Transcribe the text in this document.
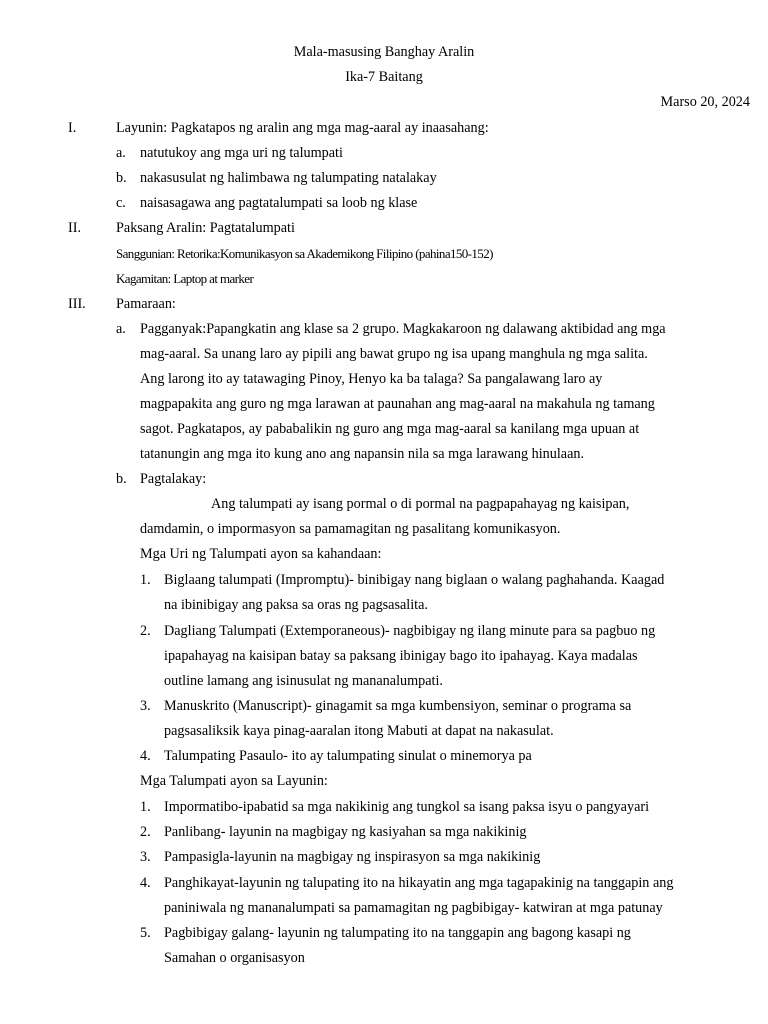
Mala-masusing Banghay Aralin
Ika-7 Baitang
Marso 20, 2024
I.	Layunin: Pagkatapos ng aralin ang mga mag-aaral ay inaasahang:
a. natutukoy ang mga uri ng talumpati
b. nakasusulat ng halimbawa ng talumpating natalakay
c. naisasagawa ang pagtatalumpati sa loob ng klase
II. Paksang Aralin: Pagtatalumpati
Sanggunian: Retorika:Komunikasyon sa Akademikong Filipino (pahina150-152)
Kagamitan: Laptop at marker
III. Pamaraan:
a. Pagganyak:Papangkatin ang klase sa 2 grupo. Magkakaroon ng dalawang aktibidad ang mga
mag-aaral. Sa unang laro ay pipili ang bawat grupo ng isa upang manghula ng mga salita.
Ang larong ito ay tatawaging Pinoy, Henyo ka ba talaga? Sa pangalawang laro ay
magpapakita ang guro ng mga larawan at paunahan ang mag-aaral na makahula ng tamang
sagot. Pagkatapos, ay pababalikin ng guro ang mga mag-aaral sa kanilang mga upuan at
tatanungin ang mga ito kung ano ang napansin nila sa mga larawang hinulaan.
b. Pagtalakay:
Ang talumpati ay isang pormal o di pormal na pagpapahayag ng kaisipan,
damdamin, o impormasyon sa pamamagitan ng pasalitang komunikasyon.
Mga Uri ng Talumpati ayon sa kahandaan:
1. Biglaang talumpati (Impromptu)- binibigay nang biglaan o walang paghahanda. Kaagad
na ibinibigay ang paksa sa oras ng pagsasalita.
2. Dagliang Talumpati (Extemporaneous)- nagbibigay ng ilang minute para sa pagbuo ng
ipapahayag na kaisipan batay sa paksang ibinigay bago ito ipahayag. Kaya madalas
outline lamang ang isinusulat ng mananalumpati.
3. Manuskrito (Manuscript)- ginagamit sa mga kumbensiyon, seminar o programa sa
pagsasaliksik kaya pinag-aaralan itong Mabuti at dapat na nakasulat.
4. Talumpating Pasaulo- ito ay talumpating sinulat o minemorya pa
Mga Talumpati ayon sa Layunin:
1. Impormatibo-ipabatid sa mga nakikinig ang tungkol sa isang paksa isyu o pangyayari
2. Panlibang- layunin na magbigay ng kasiyahan sa mga nakikinig
3. Pampasigla-layunin na magbigay ng inspirasyon sa mga nakikinig
4. Panghikayat-layunin ng talupating ito na hikayatin ang mga tagapakinig na tanggapin ang
paniniwala ng mananalumpati sa pamamagitan ng pagbibigay- katwiran at mga patunay
5. Pagbibigay galang- layunin ng talumpating ito na tanggapin ang bagong kasapi ng
Samahan o organisasyon
